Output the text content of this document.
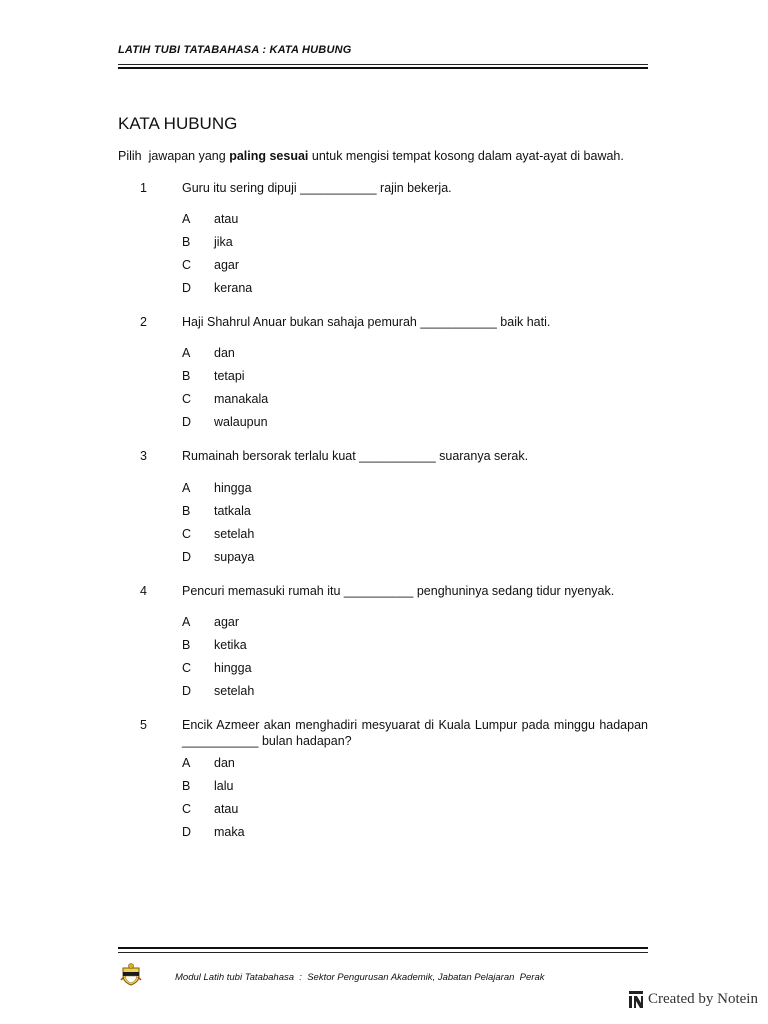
LATIH TUBI TATABAHASA : KATA HUBUNG
KATA HUBUNG
Pilih  jawapan yang paling sesuai untuk mengisi tempat kosong dalam ayat-ayat di bawah.
1	Guru itu sering dipuji ___________ rajin bekerja.
A atau
B jika
C agar
D kerana
2	Haji Shahrul Anuar bukan sahaja pemurah ___________ baik hati.
A dan
B tetapi
C manakala
D walaupun
3	Rumainah bersorak terlalu kuat ___________ suaranya serak.
A hingga
B tatkala
C setelah
D supaya
4	Pencuri memasuki rumah itu __________ penghuninya sedang tidur nyenyak.
A agar
B ketika
C hingga
D setelah
5	Encik Azmeer akan menghadiri mesyuarat di Kuala Lumpur pada minggu hadapan ___________ bulan hadapan?
A dan
B lalu
C atau
D maka
Modul Latih tubi Tatabahasa  :  Sektor Pengurusan Akademik, Jabatan Pelajaran  Perak
Created by Notein
